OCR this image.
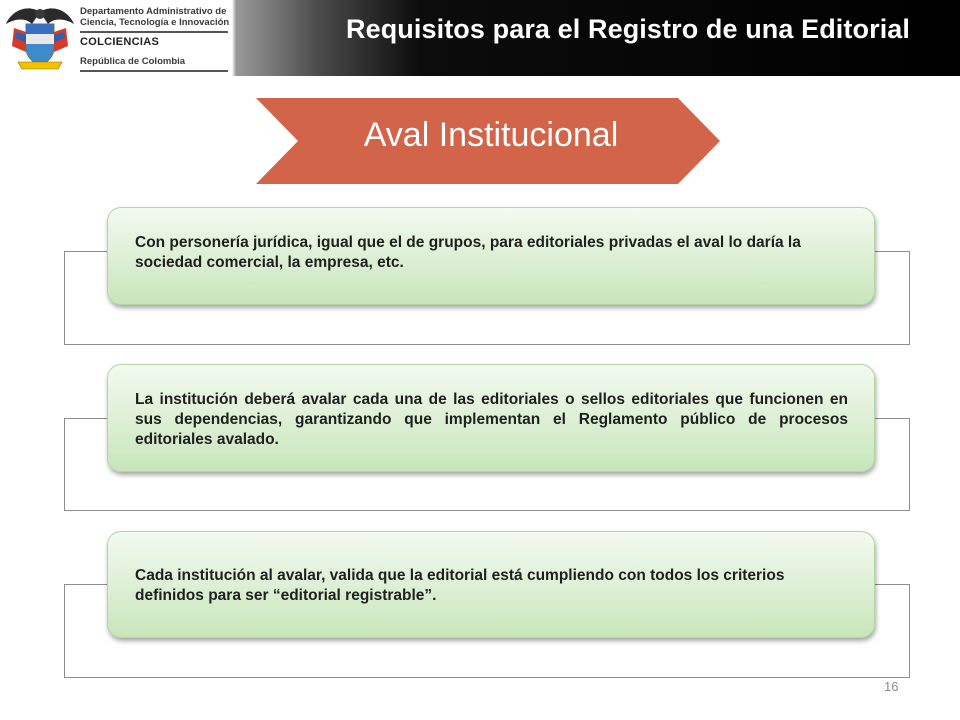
Departamento Administrativo de
Ciencia, Tecnología e Innovación
COLCIENCIAS
República de Colombia
Requisitos para el Registro de una Editorial
Aval Institucional
Con personería jurídica, igual que el de grupos, para editoriales privadas el aval lo daría la sociedad comercial, la empresa, etc.
La institución deberá avalar cada una de las editoriales o sellos editoriales que funcionen en sus dependencias, garantizando que implementan el Reglamento público de procesos editoriales avalado.
Cada institución al avalar, valida que la editorial está cumpliendo con todos los criterios definidos para ser “editorial registrable”.
16
